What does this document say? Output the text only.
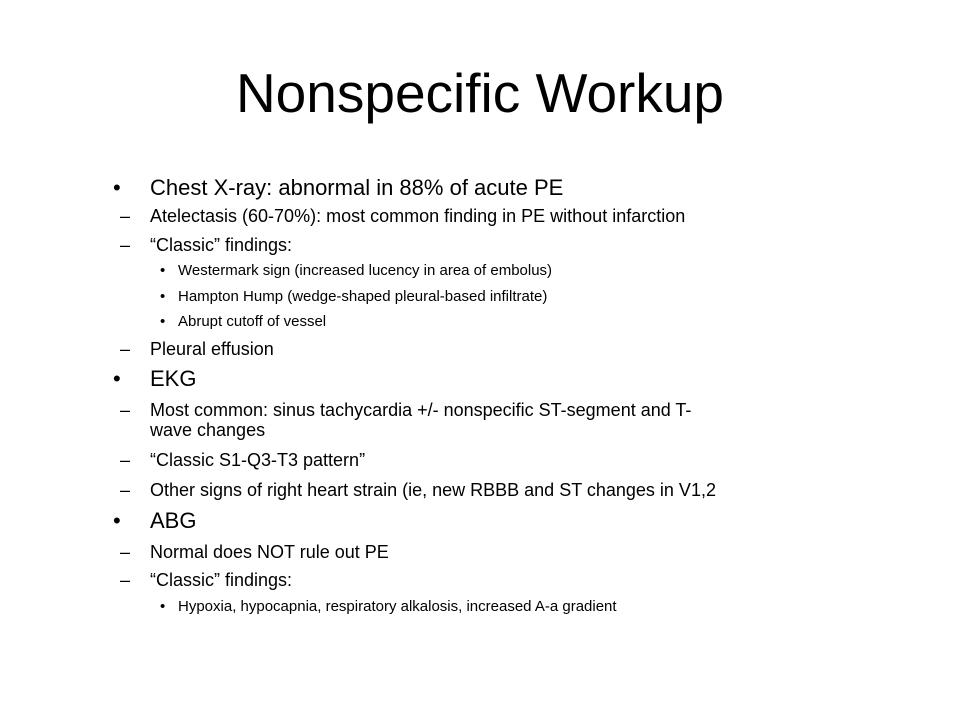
Nonspecific Workup
• Chest X-ray: abnormal in 88% of acute PE
– Atelectasis (60-70%): most common finding in PE without infarction
– “Classic” findings:
• Westermark sign (increased lucency in area of embolus)
• Hampton Hump (wedge-shaped pleural-based infiltrate)
• Abrupt cutoff of vessel
– Pleural effusion
• EKG
– Most common: sinus tachycardia +/- nonspecific ST-segment and T-
wave changes
– “Classic S1-Q3-T3 pattern”
– Other signs of right heart strain (ie, new RBBB and ST changes in V1,2
• ABG
– Normal does NOT rule out PE
– “Classic” findings:
• Hypoxia, hypocapnia, respiratory alkalosis, increased A-a gradient
